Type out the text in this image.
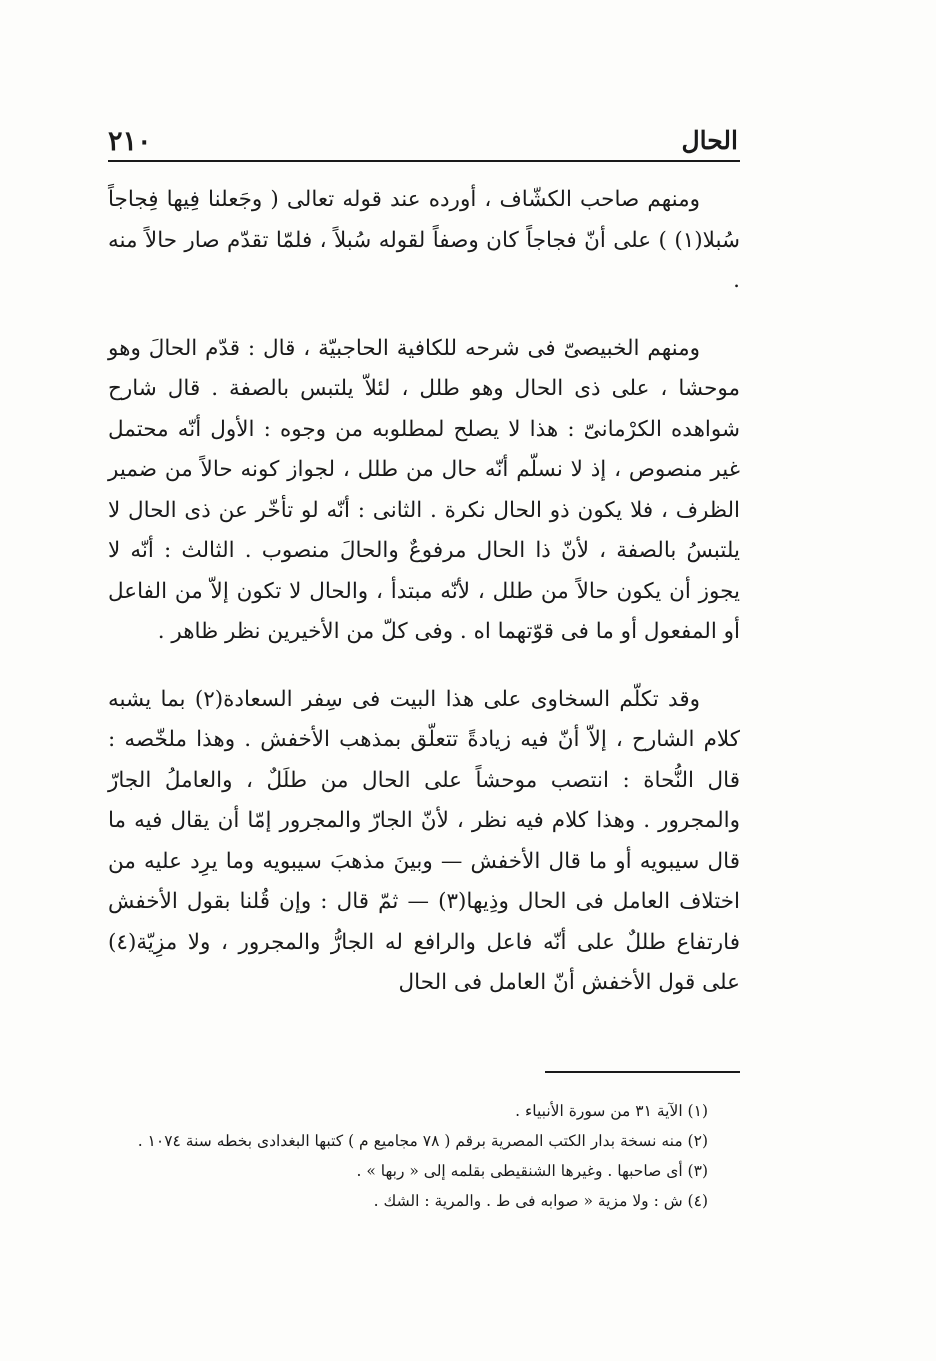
الحال
٢١٠

ومنهم صاحب الكشّاف ، أورده عند قوله تعالى ( وجَعلنا فِيها فِجاجاً سُبلا(١) ) على أنّ فجاجاً كان وصفاً لقوله سُبلاً ، فلمّا تقدّم صار حالاً منه .

ومنهم الخبيصىّ فى شرحه للكافية الحاجبيّة ، قال : قدّم الحالَ وهو موحشا ، على ذى الحال وهو طلل ، لئلاّ يلتبس بالصفة . قال شارح شواهده الكرْمانىّ : هذا لا يصلح لمطلوبه من وجوه : الأول أنّه محتمل غير منصوص ، إذ لا نسلّم أنّه حال من طلل ، لجواز كونه حالاً من ضمير الظرف ، فلا يكون ذو الحال نكرة . الثانى : أنّه لو تأخّر عن ذى الحال لا يلتبسُ بالصفة ، لأنّ ذا الحال مرفوعٌ والحالَ منصوب . الثالث : أنّه لا يجوز أن يكون حالاً من طلل ، لأنّه مبتدأ ، والحال لا تكون إلاّ من الفاعل أو المفعول أو ما فى قوّتهما اه . وفى كلّ من الأخيرين نظر ظاهر .

وقد تكلّم السخاوى على هذا البيت فى سِفر السعادة(٢) بما يشبه كلام الشارح ، إلاّ أنّ فيه زيادةً تتعلّق بمذهب الأخفش . وهذا ملخّصه : قال النُّحاة : انتصب موحشاً على الحال من طلَلٌ ، والعاملُ الجارّ والمجرور . وهذا كلام فيه نظر ، لأنّ الجارّ والمجرور إمّا أن يقال فيه ما قال سيبويه أو ما قال الأخفش — وبينَ مذهبَ سيبويه وما يرِد عليه من اختلاف العامل فى الحال وذِيها(٣) — ثمّ قال : وإن قُلنا بقول الأخفش فارتفاع طللٌ على أنّه فاعل والرافع له الجارُّ والمجرور ، ولا مزِيّة(٤) على قول الأخفش أنّ العامل فى الحال

(١) الآية ٣١ من سورة الأنبياء .

(٢) منه نسخة بدار الكتب المصرية برقم ( ٧٨ مجاميع م ) كتبها البغدادى بخطه سنة ١٠٧٤ .

(٣) أى صاحبها . وغيرها الشنقيطى بقلمه إلى « ربها » .

(٤) ش : ولا مزية « صوابه فى ط . والمرية : الشك .
